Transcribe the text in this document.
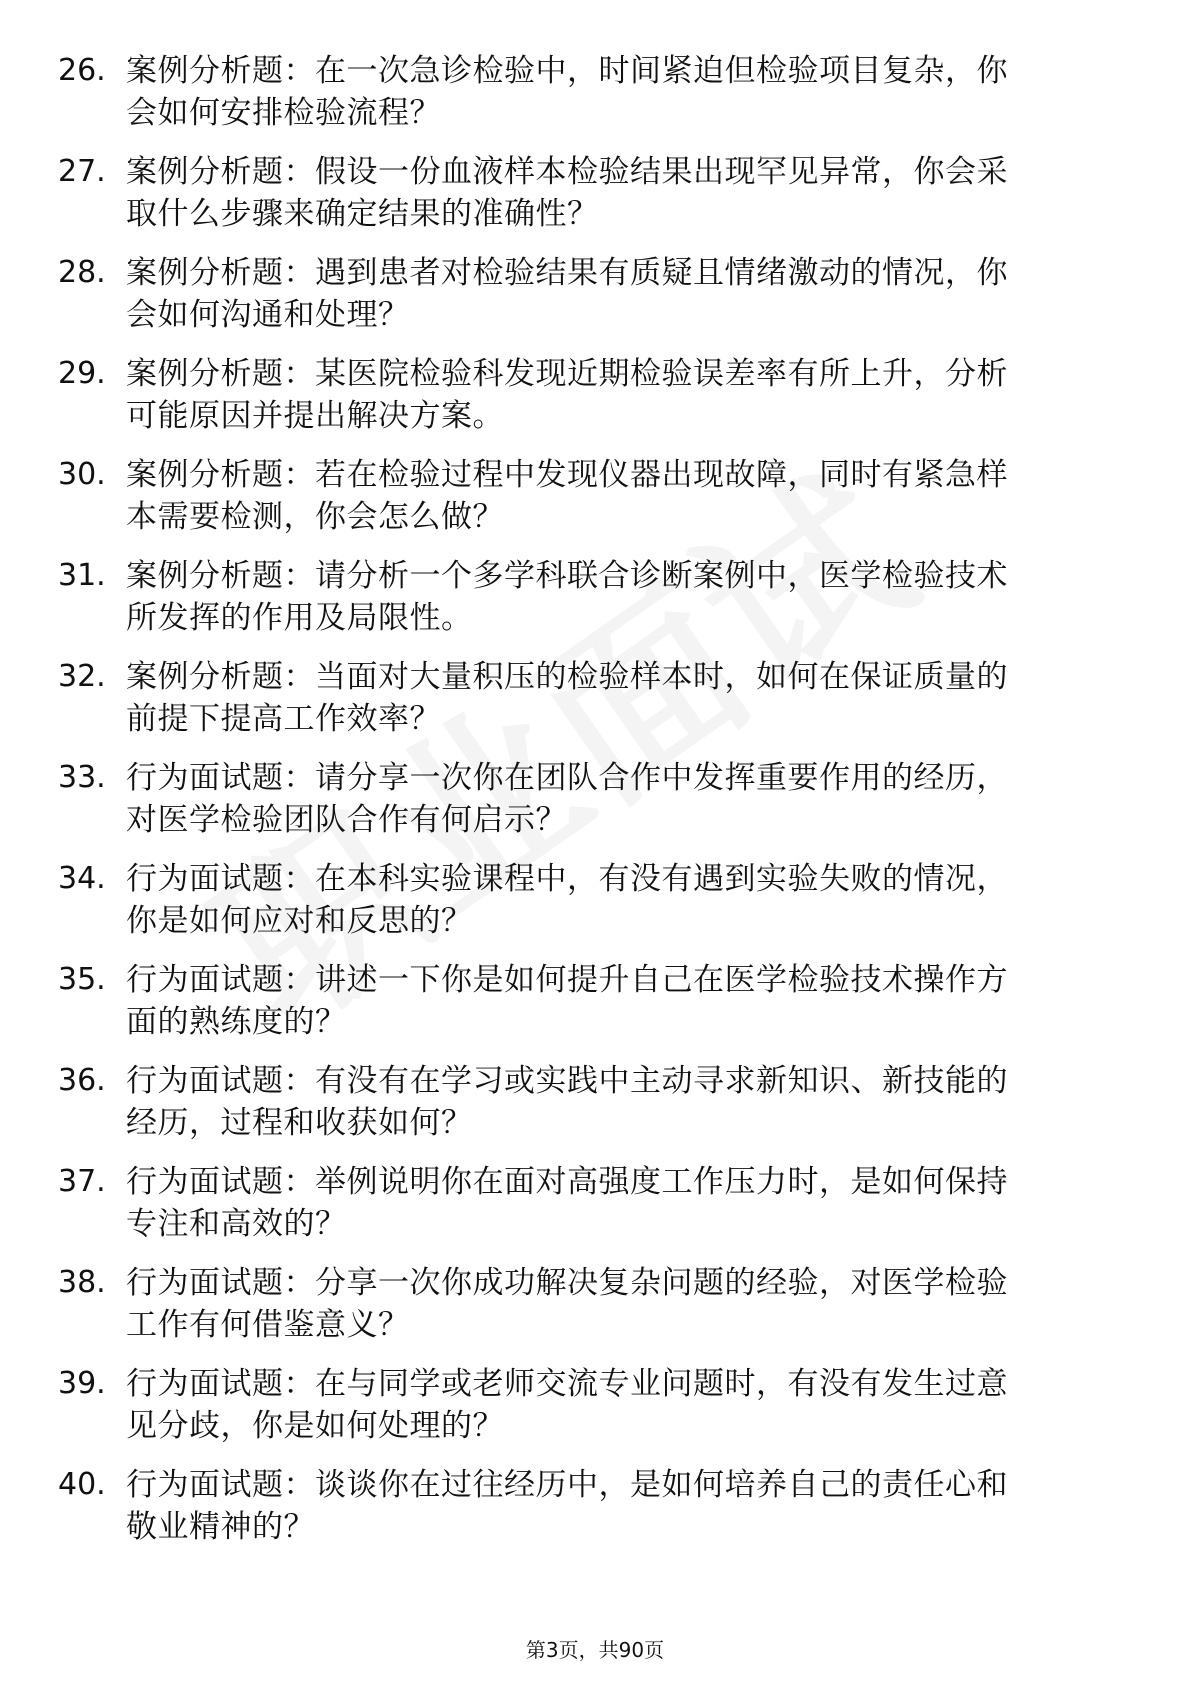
26. 案例分析题：在一次急诊检验中，时间紧迫但检验项目复杂，你
会如何安排检验流程？
27. 案例分析题：假设一份血液样本检验结果出现罕见异常，你会采
取什么步骤来确定结果的准确性？
28. 案例分析题：遇到患者对检验结果有质疑且情绪激动的情况，你
会如何沟通和处理？
29. 案例分析题：某医院检验科发现近期检验误差率有所上升，分析
可能原因并提出解决方案。
30. 案例分析题：若在检验过程中发现仪器出现故障，同时有紧急样
本需要检测，你会怎么做？
31. 案例分析题：请分析一个多学科联合诊断案例中，医学检验技术
所发挥的作用及局限性。
32. 案例分析题：当面对大量积压的检验样本时，如何在保证质量的
前提下提高工作效率？
33. 行为面试题：请分享一次你在团队合作中发挥重要作用的经历，
对医学检验团队合作有何启示？
34. 行为面试题：在本科实验课程中，有没有遇到实验失败的情况，
你是如何应对和反思的？
35. 行为面试题：讲述一下你是如何提升自己在医学检验技术操作方
面的熟练度的？
36. 行为面试题：有没有在学习或实践中主动寻求新知识、新技能的
经历，过程和收获如何？
37. 行为面试题：举例说明你在面对高强度工作压力时，是如何保持
专注和高效的？
38. 行为面试题：分享一次你成功解决复杂问题的经验，对医学检验
工作有何借鉴意义？
39. 行为面试题：在与同学或老师交流专业问题时，有没有发生过意
见分歧，你是如何处理的？
40. 行为面试题：谈谈你在过往经历中，是如何培养自己的责任心和
敬业精神的？
第3页，共90页
